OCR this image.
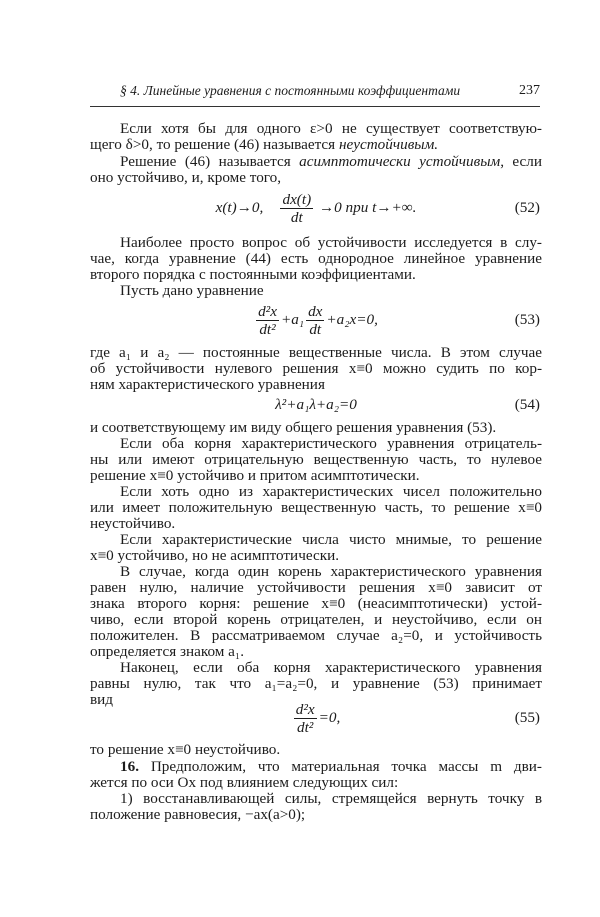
§ 4. Линейные уравнения с постоянными коэффициентами	237
Если хотя бы для одного ε>0 не существует соответствую-
щего δ>0, то решение (46) называется неустойчивым.
Решение (46) называется асимптотически устойчивым, если
оно устойчиво, и, кроме того,
x(t)→0, $\frac{dx(t)}{dt} \to 0$ при t→+∞.	(52)
Наиболее просто вопрос об устойчивости исследуется в слу-
чае, когда уравнение (44) есть однородное линейное уравнение
второго порядка с постоянными коэффициентами.
Пусть дано уравнение
$\frac{\text{d²x}}{\text{dt²}} +a_1 \frac{dx}{dt} +a_2x=0$,	(53)
где a₁ и a₂ — постоянные вещественные числа. В этом случае
об устойчивости нулевого решения x≡0 можно судить по кор-
ням характеристического уравнения
λ²+a₁λ+a₂=0	(54)
и соответствующему им виду общего решения уравнения (53).
Если оба корня характеристического уравнения отрицатель-
ны или имеют отрицательную вещественную часть, то нулевое
решение x≡0 устойчиво и притом асимптотически.
Если хоть одно из характеристических чисел положительно
или имеет положительную вещественную часть, то решение x≡0
неустойчиво.
Если характеристические числа чисто мнимые, то решение
x≡0 устойчиво, но не асимптотически.
В случае, когда один корень характеристического уравнения
равен нулю, наличие устойчивости решения x≡0 зависит от
знака второго корня: решение x≡0 (неасимптотически) устой-
чиво, если второй корень отрицателен, и неустойчиво, если он
положителен. В рассматриваемом случае a₂=0, и устойчивость
определяется знаком a₁.
Наконец, если оба корня характеристического уравнения
равны нулю, так что a₁=a₂=0, и уравнение (53) принимает
вид
$\frac{\text{d²x}}{\text{dt²}} =0$,	(55)
то решение x≡0 неустойчиво.
16. Предположим, что материальная точка массы m дви-
жется по оси Ox под влиянием следующих сил:
1) восстанавливающей силы, стремящейся вернуть точку в
положение равновесия, −ax(a>0);
